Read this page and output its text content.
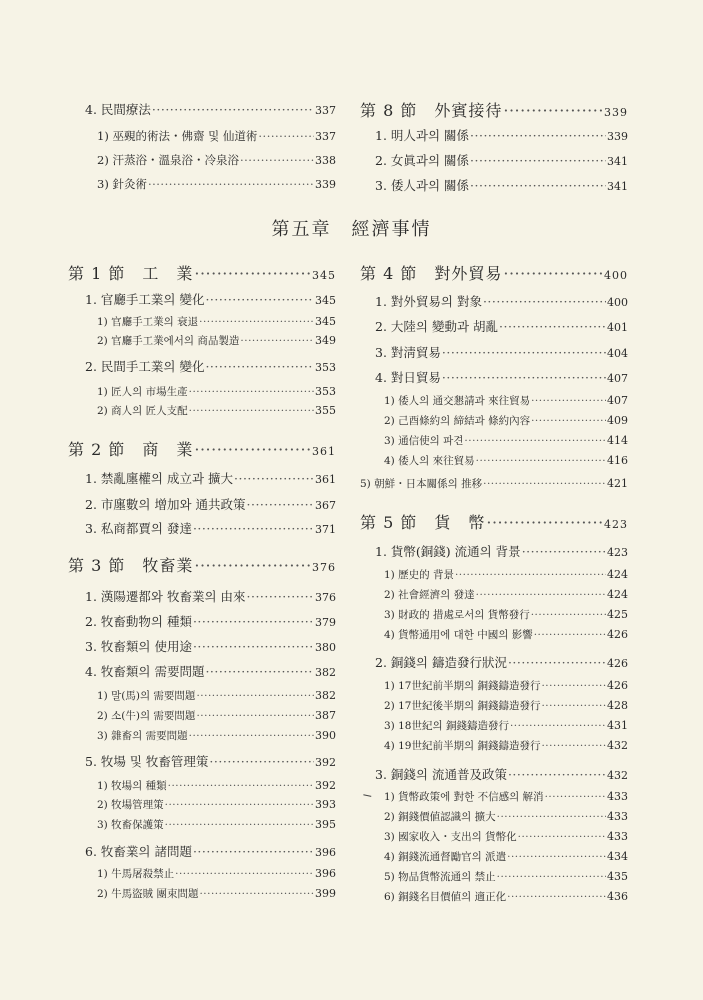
4. 民間療法 ·····	337
1) 巫覡的術法・佛齋 및 仙道術 ·····	337
2) 汗蒸浴・溫泉浴・冷泉浴 ·····	338
3) 針灸術 ·····	339
第 8 節　外賓接待 ·····	339
1. 明人과의 關係 ·····	339
2. 女眞과의 關係 ·····	341
3. 倭人과의 關係 ·····	341
第五章　經濟事情
第 1 節　工　業 ·····	345
1. 官廳手工業의 變化 ·····	345
1) 官廳手工業의 衰退 ·····	345
2) 官廳手工業에서의 商品製造 ·····	349
2. 民間手工業의 變化 ·····	353
1) 匠人의 市場生產 ·····	353
2) 商人의 匠人支配 ·····	355
第 2 節　商　業 ·····	361
1. 禁亂廛權의 成立과 擴大 ·····	361
2. 市廛數의 增加와 通共政策 ·····	367
3. 私商都賈의 發達 ·····	371
第 3 節　牧畜業 ·····	376
1. 漢陽遷都와 牧畜業의 由來 ·····	376
2. 牧畜動物의 種類 ·····	379
3. 牧畜類의 使用途 ·····	380
4. 牧畜類의 需要問題 ·····	382
1) 말(馬)의 需要問題 ·····	382
2) 소(牛)의 需要問題 ·····	387
3) 雜畜의 需要問題 ·····	390
5. 牧場 및 牧畜管理策 ·····	392
1) 牧場의 種類 ·····	392
2) 牧場管理策 ·····	393
3) 牧畜保護策 ·····	395
6. 牧畜業의 諸問題 ·····	396
1) 牛馬屠殺禁止 ·····	396
2) 牛馬盜賊 團束問題 ·····	399
第 4 節　對外貿易 ·····	400
1. 對外貿易의 對象 ·····	400
2. 大陸의 變動과 胡亂 ·····	401
3. 對淸貿易 ·····	404
4. 對日貿易 ·····	407
1) 倭人의 通交懇請과 來往貿易 ·····	407
2) 己酉條約의 締結과 條約內容 ·····	409
3) 通信使의 파견 ·····	414
4) 倭人의 來往貿易 ·····	416
5) 朝鮮・日本關係의 推移 ·····	421
第 5 節　貨　幣 ·····	423
1. 貨幣(銅錢) 流通의 背景 ·····	423
1) 歷史的 背景 ·····	424
2) 社會經濟의 發達 ·····	424
3) 財政的 措處로서의 貨幣發行 ·····	425
4) 貨幣通用에 대한 中國의 影響 ·····	426
2. 銅錢의 鑄造發行狀況 ·····	426
1) 17世紀前半期의 銅錢鑄造發行 ·····	426
2) 17世紀後半期의 銅錢鑄造發行 ·····	428
3) 18世紀의 銅錢鑄造發行 ·····	431
4) 19世紀前半期의 銅錢鑄造發行 ·····	432
3. 銅錢의 流通普及政策 ·····	432
1) 貨幣政策에 對한 不信感의 解消 ·····	433
2) 銅錢價値認識의 擴大 ·····	433
3) 國家收入・支出의 貨幣化 ·····	433
4) 銅錢流通督勵官의 派遣 ·····	434
5) 物品貨幣流通의 禁止 ·····	435
6) 銅錢名目價値의 適正化 ·····	436
